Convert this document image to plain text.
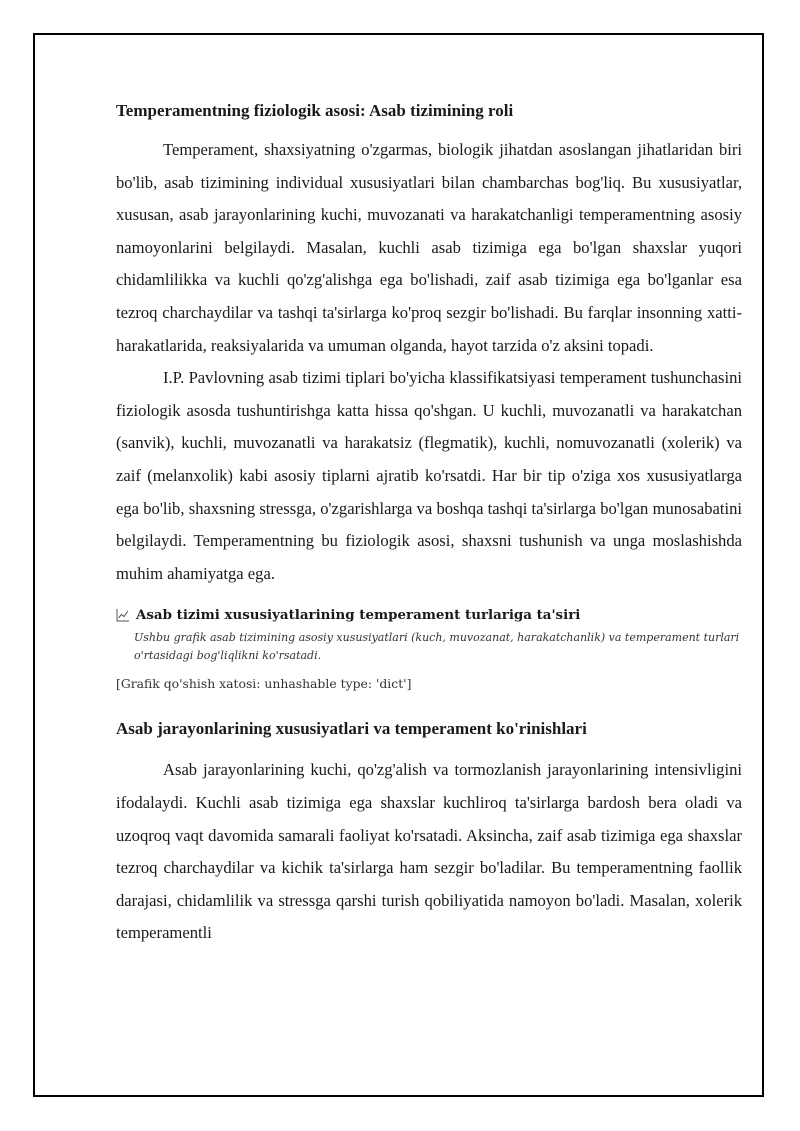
Temperamentning fiziologik asosi: Asab tizimining roli

Temperament, shaxsiyatning o'zgarmas, biologik jihatdan asoslangan jihatlaridan biri bo'lib, asab tizimining individual xususiyatlari bilan chambarchas bog'liq. Bu xususiyatlar, xususan, asab jarayonlarining kuchi, muvozanati va harakatchanligi temperamentning asosiy namoyonlarini belgilaydi. Masalan, kuchli asab tizimiga ega bo'lgan shaxslar yuqori chidamlilikka va kuchli qo'zg'alishga ega bo'lishadi, zaif asab tizimiga ega bo'lganlar esa tezroq charchaydilar va tashqi ta'sirlarga ko'proq sezgir bo'lishadi. Bu farqlar insonning xatti-harakatlarida, reaksiyalarida va umuman olganda, hayot tarzida o'z aksini topadi.

I.P. Pavlovning asab tizimi tiplari bo'yicha klassifikatsiyasi temperament tushunchasini fiziologik asosda tushuntirishga katta hissa qo'shgan. U kuchli, muvozanatli va harakatchan (sanvik), kuchli, muvozanatli va harakatsiz (flegmatik), kuchli, nomuvozanatli (xolerik) va zaif (melanxolik) kabi asosiy tiplarni ajratib ko'rsatdi. Har bir tip o'ziga xos xususiyatlarga ega bo'lib, shaxsning stressga, o'zgarishlarga va boshqa tashqi ta'sirlarga bo'lgan munosabatini belgilaydi. Temperamentning bu fiziologik asosi, shaxsni tushunish va unga moslashishda muhim ahamiyatga ega.

Asab tizimi xususiyatlarining temperament turlariga ta'siri
Ushbu grafik asab tizimining asosiy xususiyatlari (kuch, muvozanat, harakatchanlik) va temperament turlari o'rtasidagi bog'liqlikni ko'rsatadi.
[Grafik qo'shish xatosi: unhashable type: 'dict']
Asab jarayonlarining xususiyatlari va temperament ko'rinishlari

Asab jarayonlarining kuchi, qo'zg'alish va tormozlanish jarayonlarining intensivligini ifodalaydi. Kuchli asab tizimiga ega shaxslar kuchliroq ta'sirlarga bardosh bera oladi va uzoqroq vaqt davomida samarali faoliyat ko'rsatadi. Aksincha, zaif asab tizimiga ega shaxslar tezroq charchaydilar va kichik ta'sirlarga ham sezgir bo'ladilar. Bu temperamentning faollik darajasi, chidamlilik va stressga qarshi turish qobiliyatida namoyon bo'ladi. Masalan, xolerik temperamentli
